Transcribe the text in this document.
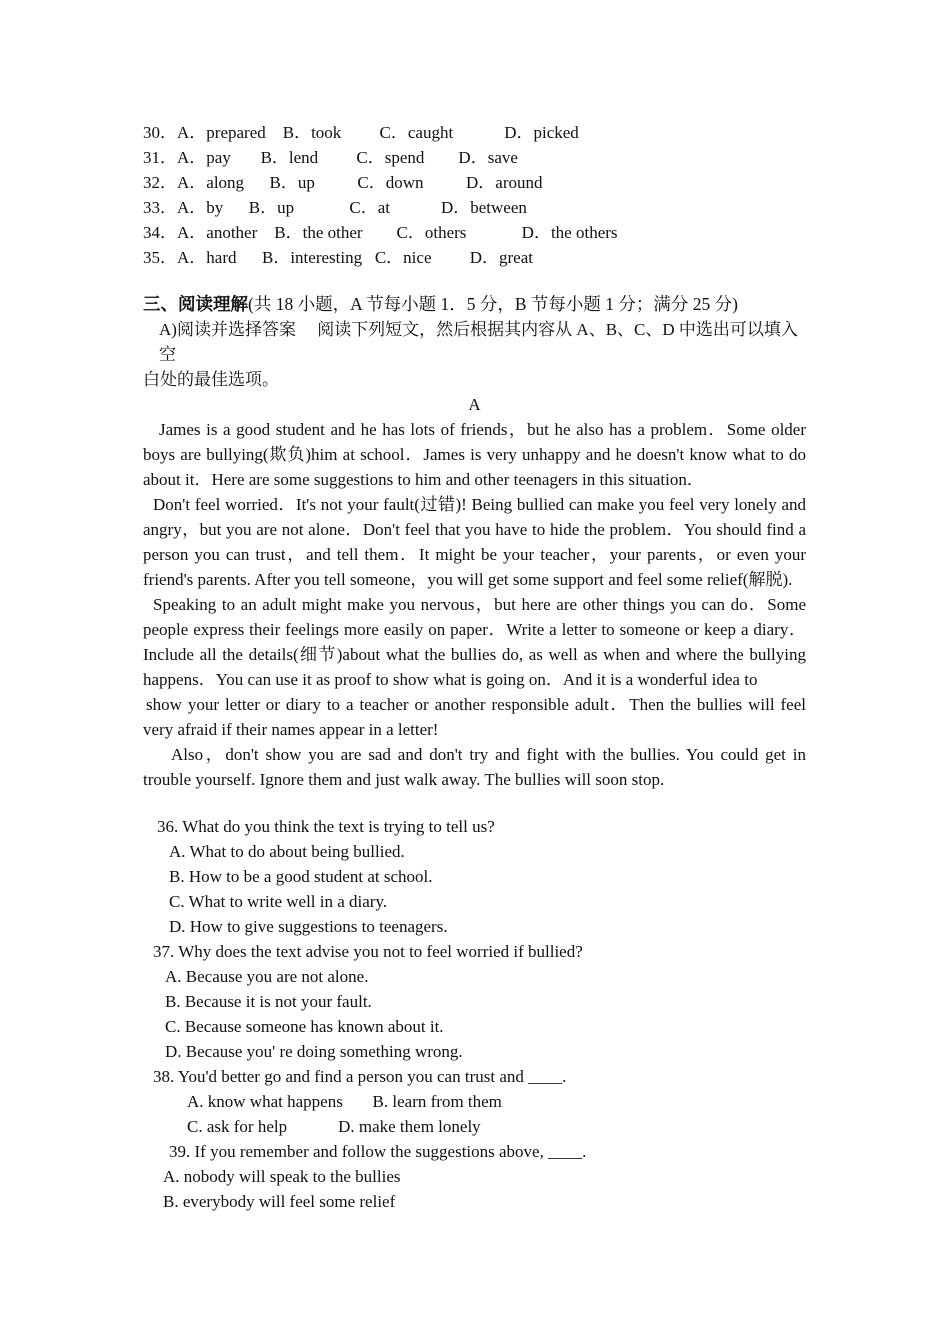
30．A．prepared    B．took         C．caught            D．picked
31．A．pay       B．lend         C．spend        D．save
32．A．along      B．up          C．down          D．around
33．A．by      B．up             C．at            D．between
34．A．another    B．the other        C．others             D．the others
35．A．hard      B．interesting   C．nice         D．great
三、阅读理解(共 18 小题，A 节每小题 1．5 分，B 节每小题 1 分；满分 25 分)
A)阅读并选择答案　 阅读下列短文，然后根据其内容从 A、B、C、D 中选出可以填入空
白处的最佳选项。
A

James is a good student and he has lots of friends，but he also has a problem．Some older boys are bullying(欺负)him at school．James is very unhappy and he doesn't know what to do about it．Here are some suggestions to him and other teenagers in this situation．

Don't feel worried．It's not your fault(过错)! Being bullied can make you feel very lonely and angry，but you are not alone．Don't feel that you have to hide the problem．You should find a person you can trust，and tell them．It might be your teacher，your parents，or even your friend's parents. After you tell someone，you will get some support and feel some relief(解脱).

Speaking to an adult might make you nervous，but here are other things you can do．Some people express their feelings more easily on paper．Write a letter to someone or keep a diary．Include all the details(细节)about what the bullies do, as well as when and where the bullying happens．You can use it as proof to show what is going on．And it is a wonderful idea to

show your letter or diary to a teacher or another responsible adult．Then the bullies will feel very afraid if their names appear in a letter!

Also，don't show you are sad and don't try and fight with the bullies. You could get in trouble yourself. Ignore them and just walk away. The bullies will soon stop.

36. What do you think the text is trying to tell us?
A. What to do about being bullied.
B. How to be a good student at school.
C. What to write well in a diary.
D. How to give suggestions to teenagers.
37. Why does the text advise you not to feel worried if bullied?
A. Because you are not alone.
B. Because it is not your fault.
C. Because someone has known about it.
D. Because you' re doing something wrong.
38. You'd better go and find a person you can trust and ____.
A. know what happens       B. learn from them
C. ask for help            D. make them lonely
39. If you remember and follow the suggestions above, ____.
A. nobody will speak to the bullies
B. everybody will feel some relief
